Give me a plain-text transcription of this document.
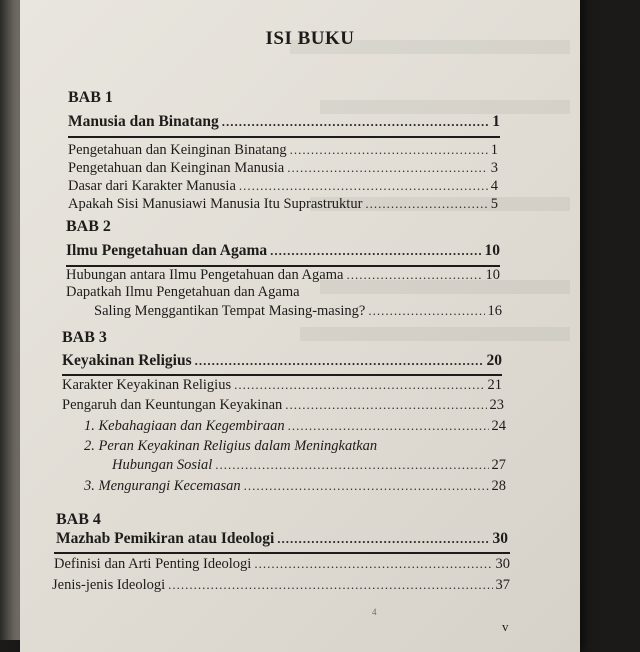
ISI BUKU
BAB 1
Manusia dan Binatang .....	1
Pengetahuan dan Keinginan Binatang .....	1
Pengetahuan dan Keinginan Manusia .....	3
Dasar dari Karakter Manusia .....	4
Apakah Sisi Manusiawi Manusia Itu Suprastruktur .....	5
BAB 2
Ilmu Pengetahuan dan Agama .....	10
Hubungan antara Ilmu Pengetahuan dan Agama .....	10
Dapatkah Ilmu Pengetahuan dan Agama
Saling Menggantikan Tempat Masing-masing? .....	16
BAB 3
Keyakinan Religius .....	20
Karakter Keyakinan Religius .....	21
Pengaruh dan Keuntungan Keyakinan .....	23
1. Kebahagiaan dan Kegembiraan .....	24
2. Peran Keyakinan Religius dalam Meningkatkan
Hubungan Sosial .....	27
3. Mengurangi Kecemasan .....	28
BAB 4
Mazhab Pemikiran atau Ideologi .....	30
Definisi dan Arti Penting Ideologi .....	30
Jenis-jenis Ideologi .....	37
4
v
